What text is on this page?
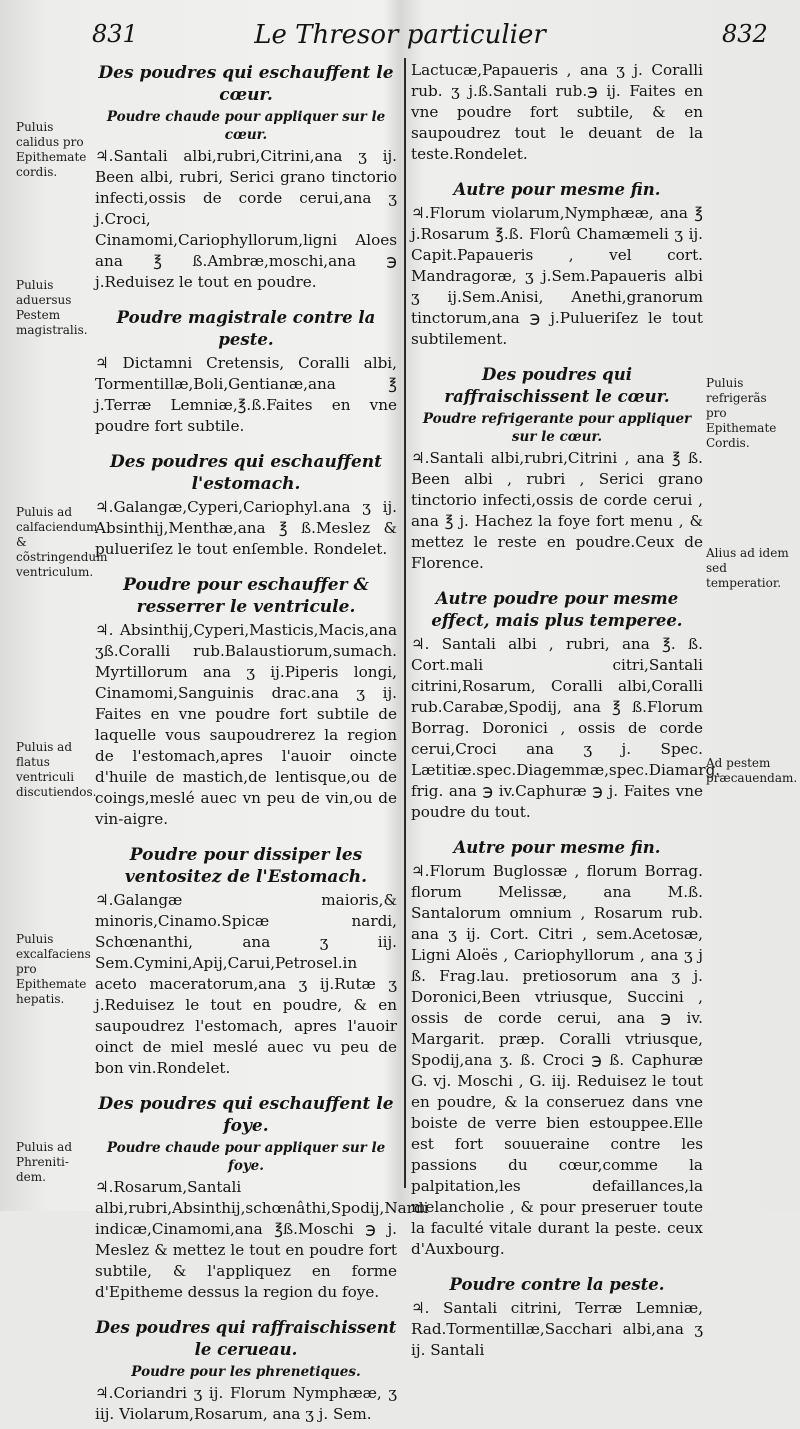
831	Le Thresor particulier	832
Des poudres qui eschauffent le cœur.
Poudre chaude pour appliquer sur le cœur.

♃.Santali albi,rubri,Citrini,ana ʒ ij. Been albi, rubri, Serici grano tinctorio infecti,ossis de corde cerui,ana ʒ j.Croci, Cinamomi,Cariophyllorum,ligni Aloes ana ℥ ß.Ambræ,moschi,ana ℈ j.Reduisez le tout en poudre.

Poudre magistrale contre la peste.

♃ Dictamni Cretensis, Coralli albi, Tormentillæ,Boli,Gentianæ,ana ℥ j.Terræ Lemniæ,℥.ß.Faites en vne poudre fort subtile.

Des poudres qui eschauffent l'estomach.

♃.Galangæ,Cyperi,Cariophyl.ana ʒ ij. Absinthij,Menthæ,ana ℥ ß.Meslez & pulueriſez le tout enſemble. Rondelet.

Poudre pour eschauffer & resserrer le ventricule.

♃. Absinthij,Cyperi,Masticis,Macis,ana ʒß.Coralli rub.Balaustiorum,sumach. Myrtillorum ana ʒ ij.Piperis longi, Cinamomi,Sanguinis drac.ana ʒ ij. Faites en vne poudre fort subtile de laquelle vous saupoudrerez la region de l'estomach,apres l'auoir oincte d'huile de mastich,de lentisque,ou de coings,meslé auec vn peu de vin,ou de vin-aigre.

Poudre pour dissiper les ventositez de l'Estomach.

♃.Galangæ maioris,& minoris,Cinamo.Spicæ nardi, Schœnanthi, ana ʒ iij. Sem.Cymini,Apij,Carui,Petrosel.in aceto maceratorum,ana ʒ ij.Rutæ ʒ j.Reduisez le tout en poudre, & en saupoudrez l'estomach, apres l'auoir oinct de miel meslé auec vu peu de bon vin.Rondelet.

Des poudres qui eschauffent le foye.
Poudre chaude pour appliquer sur le foye.

♃.Rosarum,Santali albi,rubri,Absinthij,schœnâthi,Spodij,Nardi indicæ,Cinamomi,ana ℥ß.Moschi ℈ j. Meslez & mettez le tout en poudre fort subtile, & l'appliquez en forme d'Epitheme dessus la region du foye.

Des poudres qui raffraischissent le cerueau.
Poudre pour les phrenetiques.

♃.Coriandri ʒ ij. Florum Nymphææ, ʒ iij. Violarum,Rosarum, ana ʒ j. Sem.

Lactucæ,Papaueris , ana ʒ j. Coralli rub. ʒ j.ß.Santali rub.℈ ij. Faites en vne poudre fort subtile, & en saupoudrez tout le deuant de la teste.Rondelet.

Autre pour mesme fin.

♃.Florum violarum,Nymphææ, ana ℥ j.Rosarum ℥.ß. Florû Chamæmeli ʒ ij. Capit.Papaueris , vel cort. Mandragoræ, ʒ j.Sem.Papaueris albi ʒ ij.Sem.Anisi, Anethi,granorum tinctorum,ana ℈ j.Pulueriſez le tout subtilement.

Des poudres qui raffraischissent le cœur.
Poudre refrigerante pour appliquer sur le cœur.

♃.Santali albi,rubri,Citrini , ana ℥ ß. Been albi , rubri , Serici grano tinctorio infecti,ossis de corde cerui , ana ℥ j. Hachez la foye fort menu , & mettez le reste en poudre.Ceux de Florence.

Autre poudre pour mesme effect, mais plus temperee.

♃. Santali albi , rubri, ana ℥. ß. Cort.mali citri,Santali citrini,Rosarum, Coralli albi,Coralli rub.Carabæ,Spodij, ana ℥ ß.Florum Borrag. Doronici , ossis de corde cerui,Croci ana ʒ j. Spec. Lætitiæ.spec.Diagemmæ,spec.Diamarg. frig. ana ℈ iv.Caphuræ ℈ j. Faites vne poudre du tout.

Autre pour mesme fin.

♃.Florum Buglossæ , florum Borrag. florum Melissæ, ana M.ß. Santalorum omnium , Rosarum rub. ana ʒ ij. Cort. Citri , sem.Acetosæ, Ligni Aloës , Cariophyllorum , ana ʒ j ß. Frag.lau. pretiosorum ana ʒ j. Doronici,Been vtriusque, Succini , ossis de corde cerui, ana ℈ iv. Margarit. præp. Coralli vtriusque, Spodij,ana ʒ. ß. Croci ℈ ß. Caphuræ G. vj. Moschi , G. iij. Reduisez le tout en poudre, & la conseruez dans vne boiste de verre bien estouppee.Elle est fort souueraine contre les passions du cœur,comme la palpitation,les defaillances,la melancholie , & pour preseruer toute la faculté vitale durant la peste. ceux d'Auxbourg.

Poudre contre la peste.

♃. Santali citrini, Terræ Lemniæ, Rad.Tormentillæ,Sacchari albi,ana ʒ ij. Santali

Puluis calidus pro Epithemate cordis.
Puluis aduersus Pestem magistralis.
Puluis ad calfaciendum & cõstringendum ventriculum.
Puluis ad flatus ventriculi discutiendos.
Puluis excalfaciens pro Epithemate hepatis.
Puluis ad Phreniti-dem.
Puluis refrigerãs pro Epithemate Cordis.
Alius ad idem sed temperatior.
Ad pestem præcauendam.
